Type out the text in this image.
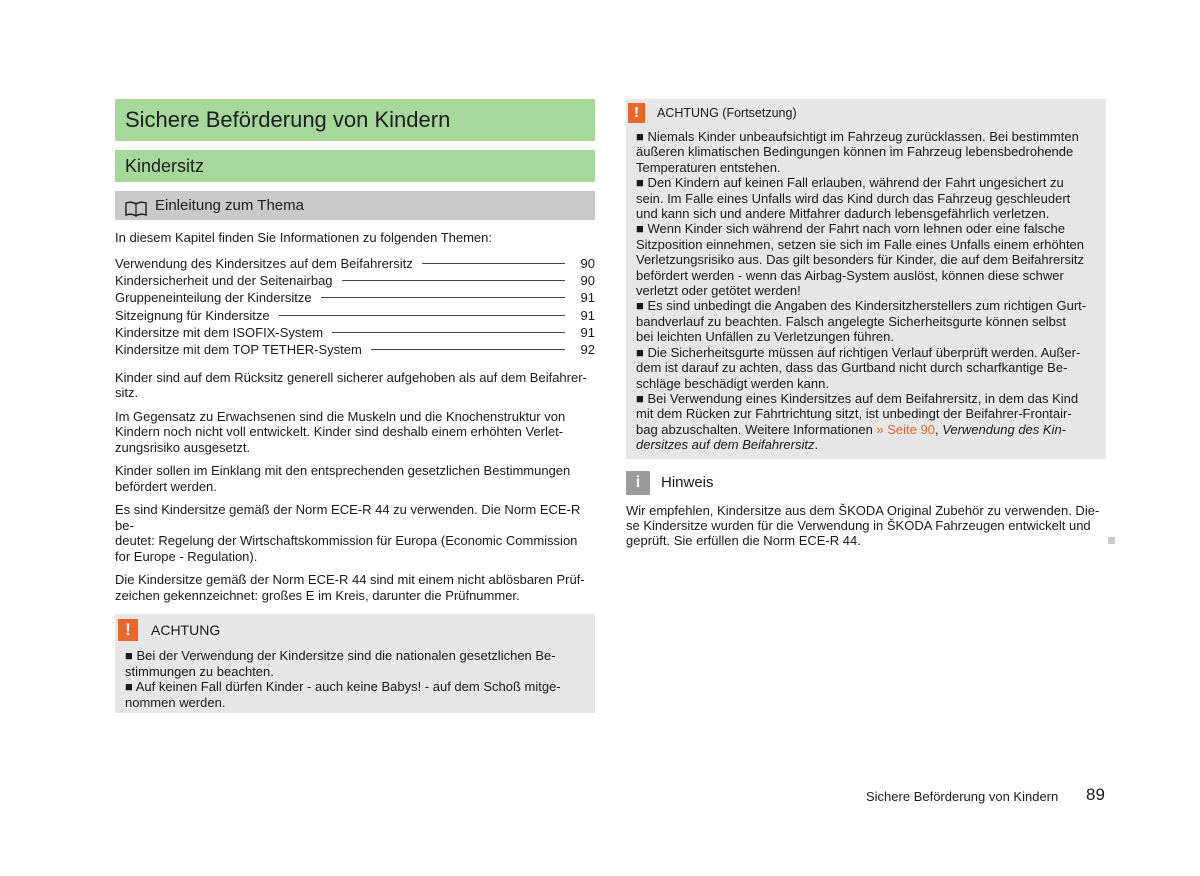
Sichere Beförderung von Kindern
Kindersitz
Einleitung zum Thema

In diesem Kapitel finden Sie Informationen zu folgenden Themen:

Verwendung des Kindersitzes auf dem Beifahrersitz	90
Kindersicherheit und der Seitenairbag	90
Gruppeneinteilung der Kindersitze	91
Sitzeignung für Kindersitze	91
Kindersitze mit dem ISOFIX-System	91
Kindersitze mit dem TOP TETHER-System	92

Kinder sind auf dem Rücksitz generell sicherer aufgehoben als auf dem Beifahrer-
sitz.

Im Gegensatz zu Erwachsenen sind die Muskeln und die Knochenstruktur von
Kindern noch nicht voll entwickelt. Kinder sind deshalb einem erhöhten Verlet-
zungsrisiko ausgesetzt.

Kinder sollen im Einklang mit den entsprechenden gesetzlichen Bestimmungen
befördert werden.

Es sind Kindersitze gemäß der Norm ECE-R 44 zu verwenden. Die Norm ECE-R be-
deutet: Regelung der Wirtschaftskommission für Europa (Economic Commission
for Europe - Regulation).

Die Kindersitze gemäß der Norm ECE-R 44 sind mit einem nicht ablösbaren Prüf-
zeichen gekennzeichnet: großes E im Kreis, darunter die Prüfnummer.

!	ACHTUNG
■ Bei der Verwendung der Kindersitze sind die nationalen gesetzlichen Be-
stimmungen zu beachten.
■ Auf keinen Fall dürfen Kinder - auch keine Babys! - auf dem Schoß mitge-
nommen werden.
!	ACHTUNG (Fortsetzung)
■ Niemals Kinder unbeaufsichtigt im Fahrzeug zurücklassen. Bei bestimmten
äußeren klimatischen Bedingungen können im Fahrzeug lebensbedrohende
Temperaturen entstehen.
■ Den Kindern auf keinen Fall erlauben, während der Fahrt ungesichert zu
sein. Im Falle eines Unfalls wird das Kind durch das Fahrzeug geschleudert
und kann sich und andere Mitfahrer dadurch lebensgefährlich verletzen.
■ Wenn Kinder sich während der Fahrt nach vorn lehnen oder eine falsche
Sitzposition einnehmen, setzen sie sich im Falle eines Unfalls einem erhöhten
Verletzungsrisiko aus. Das gilt besonders für Kinder, die auf dem Beifahrersitz
befördert werden - wenn das Airbag-System auslöst, können diese schwer
verletzt oder getötet werden!
■ Es sind unbedingt die Angaben des Kindersitzherstellers zum richtigen Gurt-
bandverlauf zu beachten. Falsch angelegte Sicherheitsgurte können selbst
bei leichten Unfällen zu Verletzungen führen.
■ Die Sicherheitsgurte müssen auf richtigen Verlauf überprüft werden. Außer-
dem ist darauf zu achten, dass das Gurtband nicht durch scharfkantige Be-
schläge beschädigt werden kann.
■ Bei Verwendung eines Kindersitzes auf dem Beifahrersitz, in dem das Kind
mit dem Rücken zur Fahrtrichtung sitzt, ist unbedingt der Beifahrer-Frontair-
bag abzuschalten. Weitere Informationen » Seite 90, Verwendung des Kin-
dersitzes auf dem Beifahrersitz.
i	Hinweis
Wir empfehlen, Kindersitze aus dem ŠKODA Original Zubehör zu verwenden. Die-
se Kindersitze wurden für die Verwendung in ŠKODA Fahrzeugen entwickelt und
geprüft. Sie erfüllen die Norm ECE-R 44.
Sichere Beförderung von Kindern 89
